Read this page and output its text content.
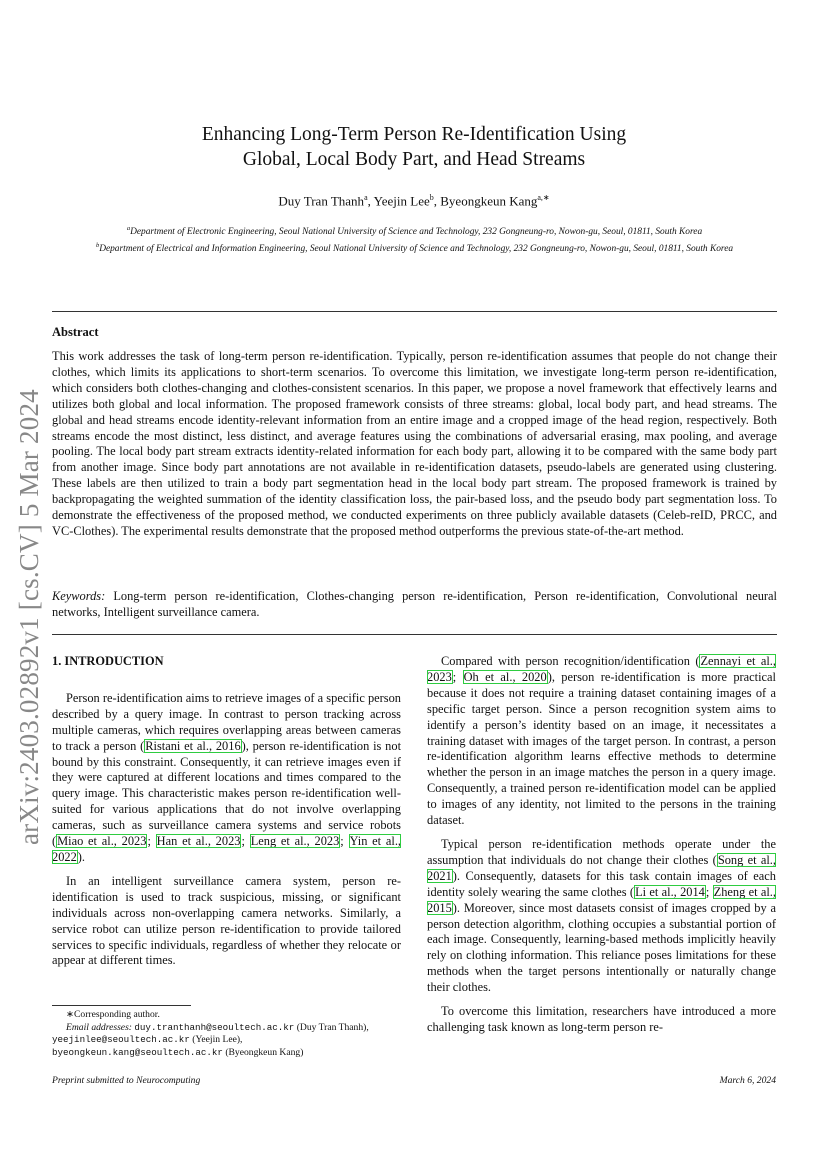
arXiv:2403.02892v1 [cs.CV] 5 Mar 2024
Enhancing Long-Term Person Re-Identification Using
Global, Local Body Part, and Head Streams
Duy Tran Thanh$^a$, Yeejin Lee$^b$, Byeongkeun Kang$^{a,∗}$
$^a$Department of Electronic Engineering, Seoul National University of Science and Technology, 232 Gongneung-ro, Nowon-gu, Seoul, 01811, South Korea
$^b$Department of Electrical and Information Engineering, Seoul National University of Science and Technology, 232 Gongneung-ro, Nowon-gu, Seoul, 01811, South Korea
Abstract
This work addresses the task of long-term person re-identification. Typically, person re-identification assumes that people do not change their clothes, which limits its applications to short-term scenarios. To overcome this limitation, we investigate long-term person re-identification, which considers both clothes-changing and clothes-consistent scenarios. In this paper, we propose a novel framework that effectively learns and utilizes both global and local information. The proposed framework consists of three streams: global, local body part, and head streams. The global and head streams encode identity-relevant information from an entire image and a cropped image of the head region, respectively. Both streams encode the most distinct, less distinct, and average features using the combinations of adversarial erasing, max pooling, and average pooling. The local body part stream extracts identity-related information for each body part, allowing it to be compared with the same body part from another image. Since body part annotations are not available in re-identification datasets, pseudo-labels are generated using clustering. These labels are then utilized to train a body part segmentation head in the local body part stream. The proposed framework is trained by backpropagating the weighted summation of the identity classification loss, the pair-based loss, and the pseudo body part segmentation loss. To demonstrate the effectiveness of the proposed method, we conducted experiments on three publicly available datasets (Celeb-reID, PRCC, and VC-Clothes). The experimental results demonstrate that the proposed method outperforms the previous state-of-the-art method.
Keywords: Long-term person re-identification, Clothes-changing person re-identification, Person re-identification, Convolutional neural networks, Intelligent surveillance camera.
1. INTRODUCTION

Person re-identification aims to retrieve images of a specific person described by a query image. In contrast to person tracking across multiple cameras, which requires overlapping areas between cameras to track a person (Ristani et al., 2016), person re-identification is not bound by this constraint. Consequently, it can retrieve images even if they were captured at different locations and times compared to the query image. This characteristic makes person re-identification well-suited for various applications that do not involve overlapping cameras, such as surveillance camera systems and service robots (Miao et al., 2023; Han et al., 2023; Leng et al., 2023; Yin et al., 2022).

In an intelligent surveillance camera system, person re-identification is used to track suspicious, missing, or significant individuals across non-overlapping camera networks. Similarly, a service robot can utilize person re-identification to provide tailored services to specific individuals, regardless of whether they relocate or appear at different times.

Compared with person recognition/identification (Zennayi et al., 2023; Oh et al., 2020), person re-identification is more practical because it does not require a training dataset containing images of a specific target person. Since a person recognition system aims to identify a person’s identity based on an image, it necessitates a training dataset with images of the target person. In contrast, a person re-identification algorithm learns effective methods to determine whether the person in an image matches the person in a query image. Consequently, a trained person re-identification model can be applied to images of any identity, not limited to the persons in the training dataset.

Typical person re-identification methods operate under the assumption that individuals do not change their clothes (Song et al., 2021). Consequently, datasets for this task contain images of each identity solely wearing the same clothes (Li et al., 2014; Zheng et al., 2015). Moreover, since most datasets consist of images cropped by a person detection algorithm, clothing occupies a substantial portion of each image. Consequently, learning-based methods implicitly heavily rely on clothing information. This reliance poses limitations for these methods when the target persons intentionally or naturally change their clothes.

To overcome this limitation, researchers have introduced a more challenging task known as long-term person re-

∗Corresponding author.
Email addresses: duy.tranthanh@seoultech.ac.kr (Duy Tran Thanh), yeejinlee@seoultech.ac.kr (Yeejin Lee),
byeongkeun.kang@seoultech.ac.kr (Byeongkeun Kang)
Preprint submitted to Neurocomputing	March 6, 2024
